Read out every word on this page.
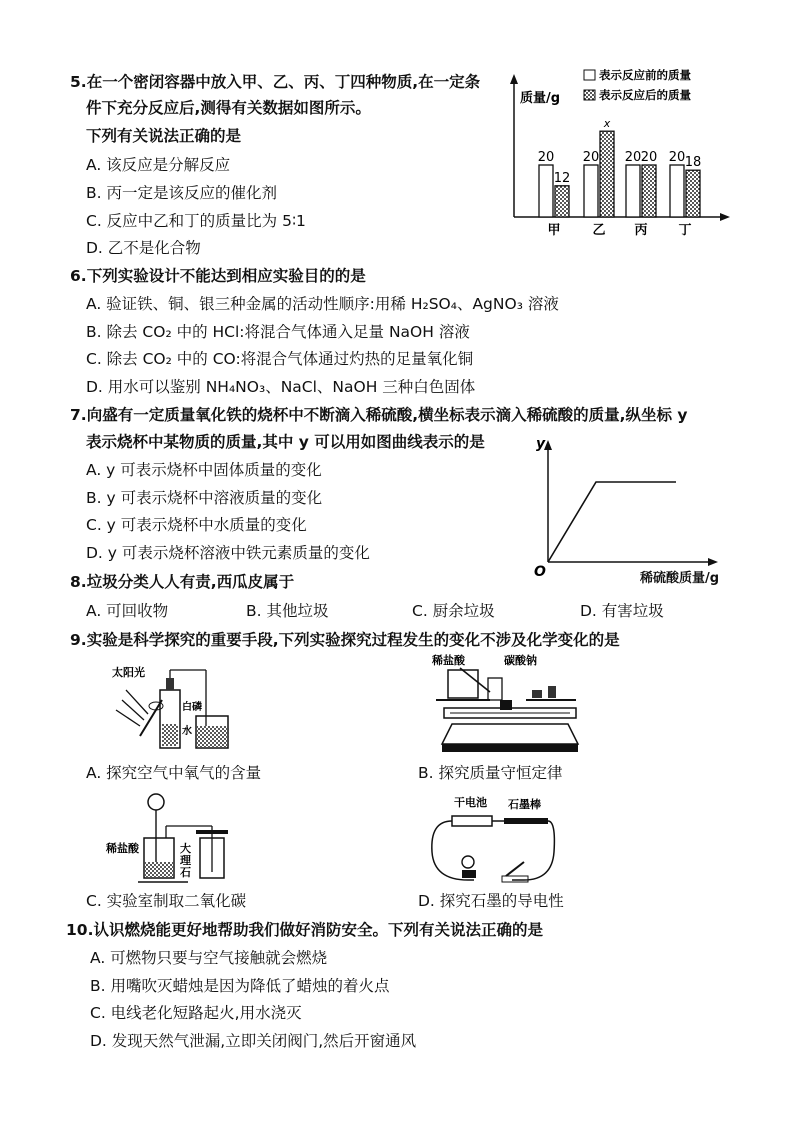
5.在一个密闭容器中放入甲、乙、丙、丁四种物质,在一定条
件下充分反应后,测得有关数据如图所示。
下列有关说法正确的是
A. 该反应是分解反应
B. 丙一定是该反应的催化剂
C. 反应中乙和丁的质量比为 5∶1
D. 乙不是化合物
质量/g
表示反应前的质量
表示反应后的质量
20
12
20
x
20 20 20 18
甲 乙 丙 丁
6.下列实验设计不能达到相应实验目的的是
A. 验证铁、铜、银三种金属的活动性顺序:用稀 H₂SO₄、AgNO₃ 溶液
B. 除去 CO₂ 中的 HCl:将混合气体通入足量 NaOH 溶液
C. 除去 CO₂ 中的 CO:将混合气体通过灼热的足量氧化铜
D. 用水可以鉴别 NH₄NO₃、NaCl、NaOH 三种白色固体
7.向盛有一定质量氧化铁的烧杯中不断滴入稀硫酸,横坐标表示滴入稀硫酸的质量,纵坐标 y
表示烧杯中某物质的质量,其中 y 可以用如图曲线表示的是
A. y 可表示烧杯中固体质量的变化
B. y 可表示烧杯中溶液质量的变化
C. y 可表示烧杯中水质量的变化
D. y 可表示烧杯溶液中铁元素质量的变化
y
O	稀硫酸质量/g
8.垃圾分类人人有责,西瓜皮属于
A. 可回收物	B. 其他垃圾	C. 厨余垃圾	D. 有害垃圾
9.实验是科学探究的重要手段,下列实验探究过程发生的变化不涉及化学变化的是
太阳光
白磷
水
A. 探究空气中氧气的含量
稀盐酸	碳酸钠
B. 探究质量守恒定律
稀盐酸	大
理
石
C. 实验室制取二氧化碳
干电池 石墨棒
D. 探究石墨的导电性
10.认识燃烧能更好地帮助我们做好消防安全。下列有关说法正确的是
A. 可燃物只要与空气接触就会燃烧
B. 用嘴吹灭蜡烛是因为降低了蜡烛的着火点
C. 电线老化短路起火,用水浇灭
D. 发现天然气泄漏,立即关闭阀门,然后开窗通风
